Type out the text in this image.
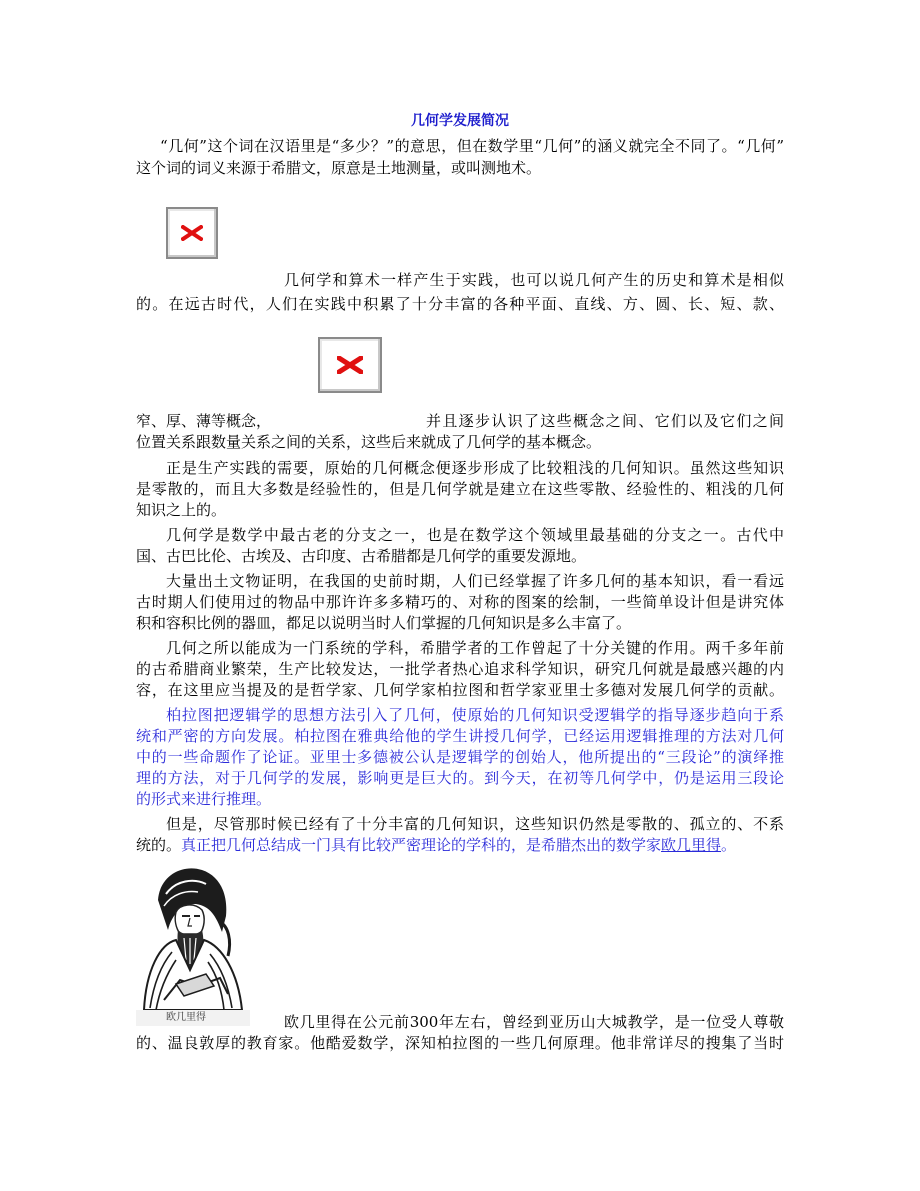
几何学发展简况

“几何”这个词在汉语里是“多少？”的意思，但在数学里“几何”的涵义就完全不同了。“几何”

这个词的词义来源于希腊文，原意是土地测量，或叫测地术。

几何学和算术一样产生于实践，也可以说几何产生的历史和算术是相似

的。在远古时代，人们在实践中积累了十分丰富的各种平面、直线、方、圆、长、短、款、

窄、厚、薄等概念，	并且逐步认识了这些概念之间、它们以及它们之间

位置关系跟数量关系之间的关系，这些后来就成了几何学的基本概念。

正是生产实践的需要，原始的几何概念便逐步形成了比较粗浅的几何知识。虽然这些知识

是零散的，而且大多数是经验性的，但是几何学就是建立在这些零散、经验性的、粗浅的几何

知识之上的。

几何学是数学中最古老的分支之一，也是在数学这个领域里最基础的分支之一。古代中

国、古巴比伦、古埃及、古印度、古希腊都是几何学的重要发源地。

大量出土文物证明，在我国的史前时期，人们已经掌握了许多几何的基本知识，看一看远

古时期人们使用过的物品中那许许多多精巧的、对称的图案的绘制，一些简单设计但是讲究体

积和容积比例的器皿，都足以说明当时人们掌握的几何知识是多么丰富了。

几何之所以能成为一门系统的学科，希腊学者的工作曾起了十分关键的作用。两千多年前

的古希腊商业繁荣，生产比较发达，一批学者热心追求科学知识，研究几何就是最感兴趣的内

容，在这里应当提及的是哲学家、几何学家柏拉图和哲学家亚里士多德对发展几何学的贡献。

柏拉图把逻辑学的思想方法引入了几何，使原始的几何知识受逻辑学的指导逐步趋向于系

统和严密的方向发展。柏拉图在雅典给他的学生讲授几何学，已经运用逻辑推理的方法对几何

中的一些命题作了论证。亚里士多德被公认是逻辑学的创始人，他所提出的“三段论”的演绎推

理的方法，对于几何学的发展，影响更是巨大的。到今天，在初等几何学中，仍是运用三段论

的形式来进行推理。

但是，尽管那时候已经有了十分丰富的几何知识，这些知识仍然是零散的、孤立的、不系

统的。真正把几何总结成一门具有比较严密理论的学科的，是希腊杰出的数学家欧几里得。

欧几里得	欧几里得在公元前300年左右，曾经到亚历山大城教学，是一位受人尊敬

的、温良敦厚的教育家。他酷爱数学，深知柏拉图的一些几何原理。他非常详尽的搜集了当时
